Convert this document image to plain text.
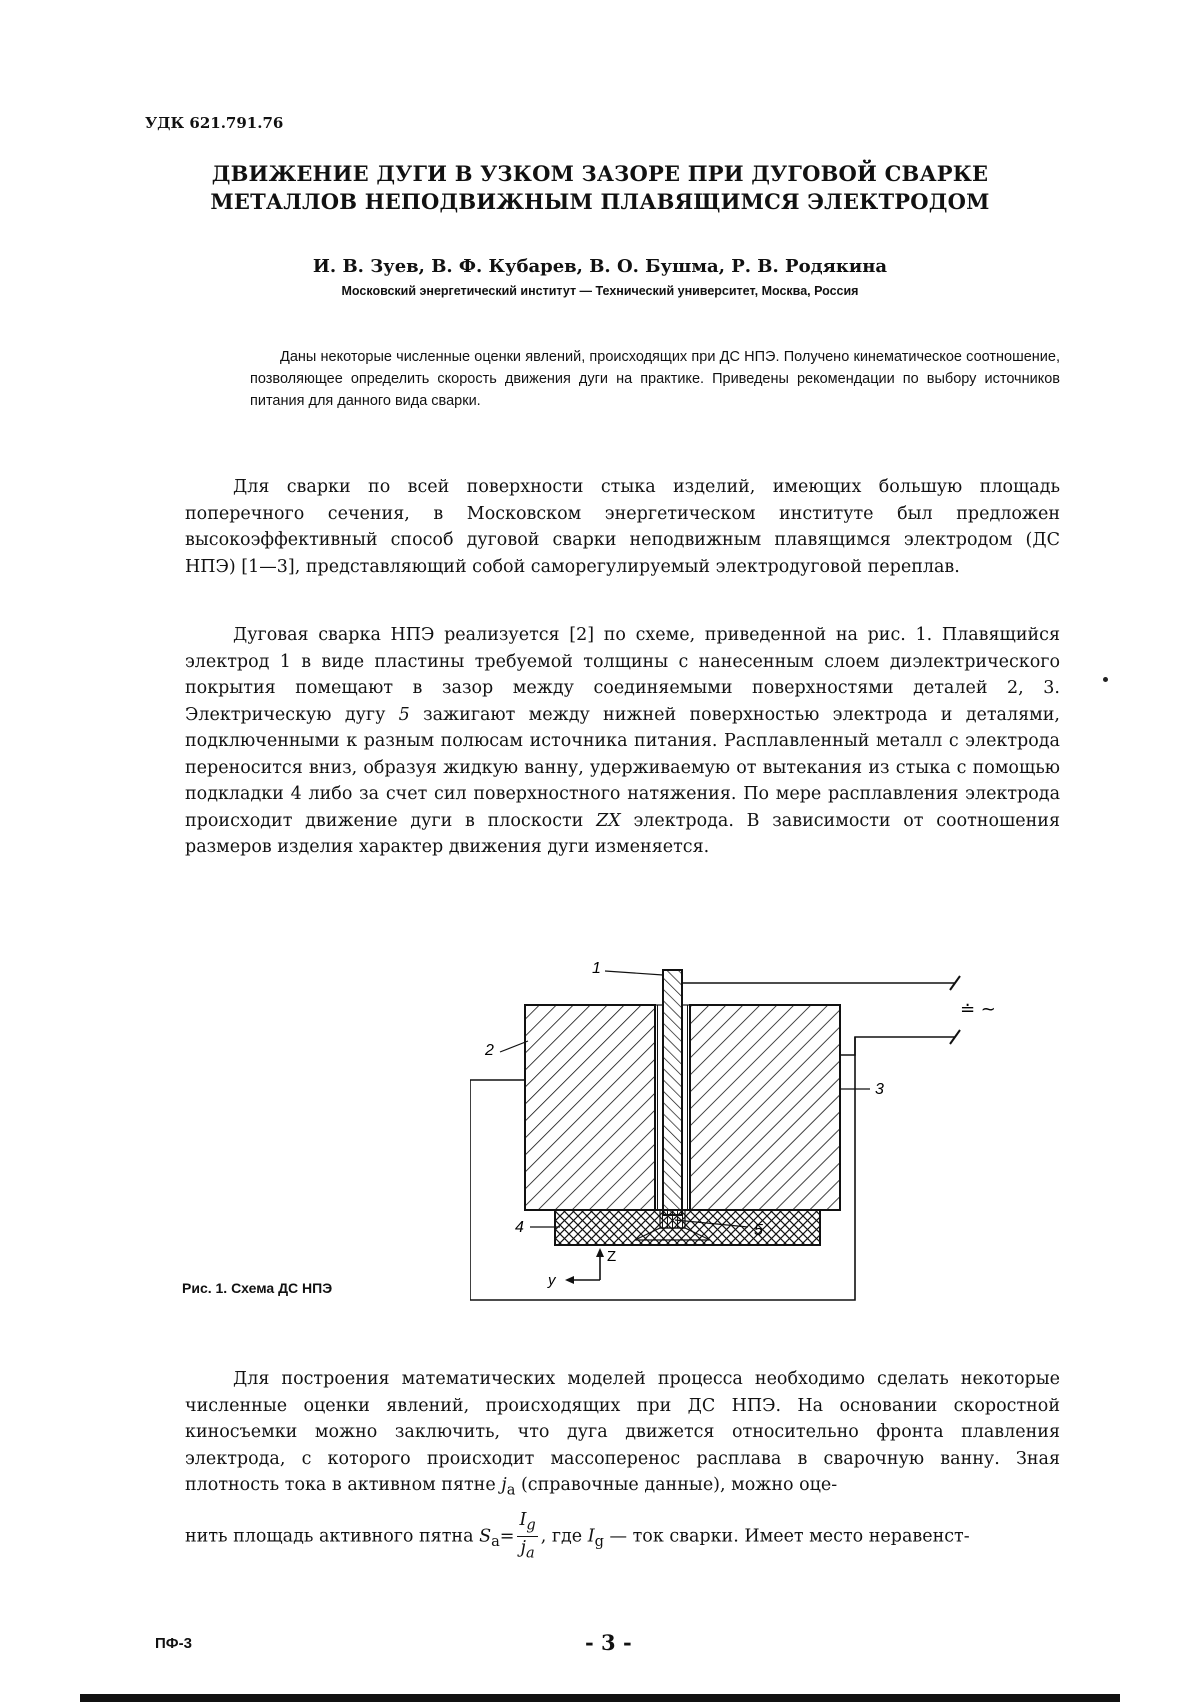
УДК 621.791.76
ДВИЖЕНИЕ ДУГИ В УЗКОМ ЗАЗОРЕ ПРИ ДУГОВОЙ СВАРКЕ
МЕТАЛЛОВ НЕПОДВИЖНЫМ ПЛАВЯЩИМСЯ ЭЛЕКТРОДОМ
И. В. Зуев, В. Ф. Кубарев, В. О. Бушма, Р. В. Родякина
Московский энергетический институт — Технический университет, Москва, Россия
Даны некоторые численные оценки явлений, происходящих при ДС НПЭ. Получено кинематическое соотношение, позволяющее определить скорость движения дуги на практике. Приведены рекомендации по выбору источников питания для данного вида сварки.

Для сварки по всей поверхности стыка изделий, имеющих большую площадь поперечного сечения, в Московском энергетическом институте был предложен высокоэффективный способ дуговой сварки неподвижным плавящимся электродом (ДС НПЭ) [1—3], представляющий собой саморегулируемый электродуговой переплав.

Дуговая сварка НПЭ реализуется [2] по схеме, приведенной на рис. 1. Плавящийся электрод 1 в виде пластины требуемой толщины с нанесенным слоем диэлектрического покрытия помещают в зазор между соединяемыми поверхностями деталей 2, 3. Электрическую дугу 5 зажигают между нижней поверхностью электрода и деталями, подключенными к разным полюсам источника питания. Расплавленный металл с электрода переносится вниз, образуя жидкую ванну, удерживаемую от вытекания из стыка с помощью подкладки 4 либо за счет сил поверхностного натяжения. По мере расплавления электрода происходит движение дуги в плоскости ZX электрода. В зависимости от соотношения размеров изделия характер движения дуги изменяется.

1
2
3
4	5
Z
y
≐ ~
Рис. 1. Схема ДС НПЭ

Для построения математических моделей процесса необходимо сделать некоторые численные оценки явлений, происходящих при ДС НПЭ. На основании скоростной киносъемки можно заключить, что дуга движется относительно фронта плавления электрода, с которого происходит массоперенос расплава в сварочную ванну. Зная плотность тока в активном пятне $j_a$ (справочные данные), можно оце-

нить площадь активного пятна $S_a= \frac{I_g}{j_a}$ , где $I_g$ — ток сварки. Имеет место неравенст-
ПФ-3	- 3 -
